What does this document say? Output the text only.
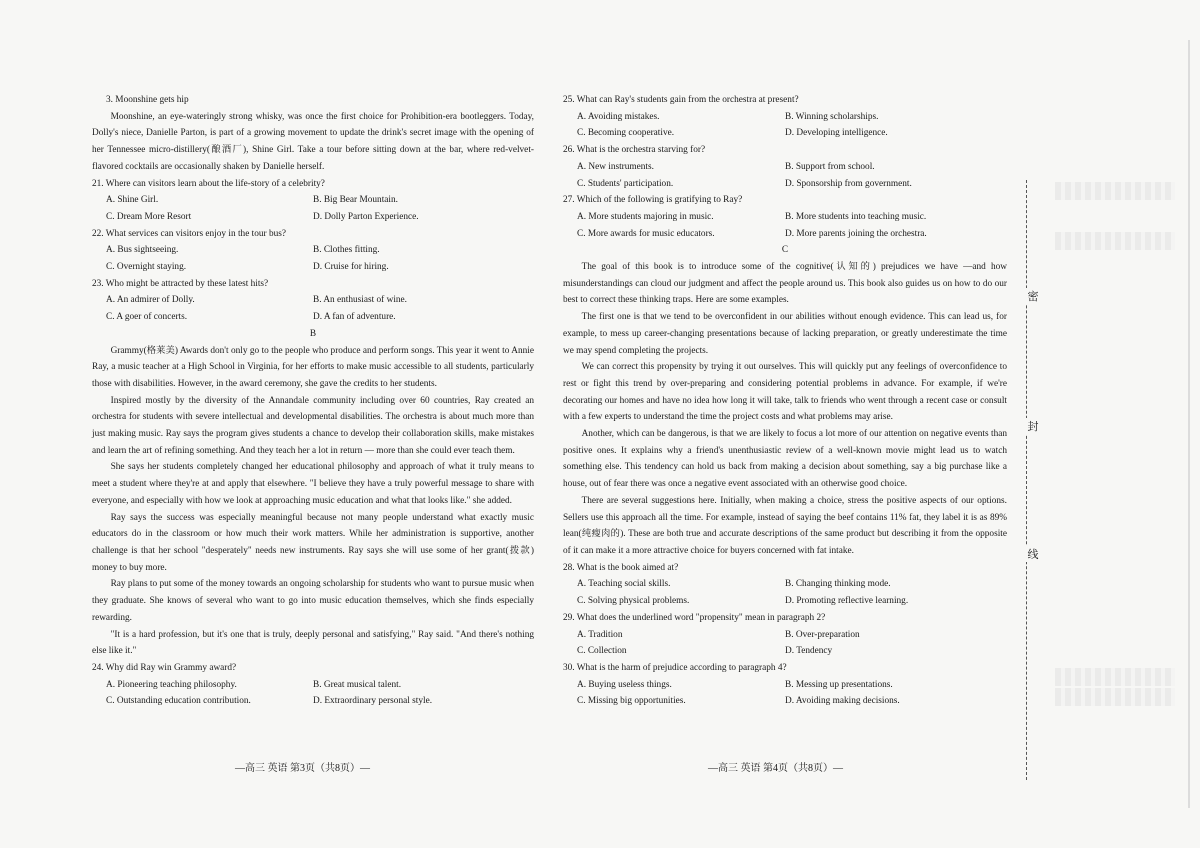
3. Moonshine gets hip

Moonshine, an eye-wateringly strong whisky, was once the first choice for Prohibition-era bootleggers. Today, Dolly's niece, Danielle Parton, is part of a growing movement to update the drink's secret image with the opening of her Tennessee micro-distillery(酿酒厂), Shine Girl. Take a tour before sitting down at the bar, where red-velvet-flavored cocktails are occasionally shaken by Danielle herself.

21. Where can visitors learn about the life-story of a celebrity?

A. Shine Girl.	B. Big Bear Mountain.
C. Dream More Resort	D. Dolly Parton Experience.

22. What services can visitors enjoy in the tour bus?

A. Bus sightseeing.	B. Clothes fitting.
C. Overnight staying.	D. Cruise for hiring.

23. Who might be attracted by these latest hits?

A. An admirer of Dolly.	B. An enthusiast of wine.
C. A goer of concerts.	D. A fan of adventure.

B

Grammy(格莱美) Awards don't only go to the people who produce and perform songs. This year it went to Annie Ray, a music teacher at a High School in Virginia, for her efforts to make music accessible to all students, particularly those with disabilities. However, in the award ceremony, she gave the credits to her students.

Inspired mostly by the diversity of the Annandale community including over 60 countries, Ray created an orchestra for students with severe intellectual and developmental disabilities. The orchestra is about much more than just making music. Ray says the program gives students a chance to develop their collaboration skills, make mistakes and learn the art of refining something. And they teach her a lot in return — more than she could ever teach them.

She says her students completely changed her educational philosophy and approach of what it truly means to meet a student where they're at and apply that elsewhere. "I believe they have a truly powerful message to share with everyone, and especially with how we look at approaching music education and what that looks like." she added.

Ray says the success was especially meaningful because not many people understand what exactly music educators do in the classroom or how much their work matters. While her administration is supportive, another challenge is that her school "desperately" needs new instruments. Ray says she will use some of her grant(拨款) money to buy more.

Ray plans to put some of the money towards an ongoing scholarship for students who want to pursue music when they graduate. She knows of several who want to go into music education themselves, which she finds especially rewarding.

"It is a hard profession, but it's one that is truly, deeply personal and satisfying," Ray said. "And there's nothing else like it."

24. Why did Ray win Grammy award?

A. Pioneering teaching philosophy.	B. Great musical talent.
C. Outstanding education contribution.	D. Extraordinary personal style.

25. What can Ray's students gain from the orchestra at present?

A. Avoiding mistakes.	B. Winning scholarships.
C. Becoming cooperative.	D. Developing intelligence.

26. What is the orchestra starving for?

A. New instruments.	B. Support from school.
C. Students' participation.	D. Sponsorship from government.

27. Which of the following is gratifying to Ray?

A. More students majoring in music.	B. More students into teaching music.
C. More awards for music educators.	D. More parents joining the orchestra.

C

The goal of this book is to introduce some of the cognitive(认知的) prejudices we have —and how misunderstandings can cloud our judgment and affect the people around us. This book also guides us on how to do our best to correct these thinking traps. Here are some examples.

The first one is that we tend to be overconfident in our abilities without enough evidence. This can lead us, for example, to mess up career-changing presentations because of lacking preparation, or greatly underestimate the time we may spend completing the projects.

We can correct this propensity by trying it out ourselves. This will quickly put any feelings of overconfidence to rest or fight this trend by over-preparing and considering potential problems in advance. For example, if we're decorating our homes and have no idea how long it will take, talk to friends who went through a recent case or consult with a few experts to understand the time the project costs and what problems may arise.

Another, which can be dangerous, is that we are likely to focus a lot more of our attention on negative events than positive ones. It explains why a friend's unenthusiastic review of a well-known movie might lead us to watch something else. This tendency can hold us back from making a decision about something, say a big purchase like a house, out of fear there was once a negative event associated with an otherwise good choice.

There are several suggestions here. Initially, when making a choice, stress the positive aspects of our options. Sellers use this approach all the time. For example, instead of saying the beef contains 11% fat, they label it is as 89% lean(纯瘦肉的). These are both true and accurate descriptions of the same product but describing it from the opposite of it can make it a more attractive choice for buyers concerned with fat intake.

28. What is the book aimed at?

A. Teaching social skills.	B. Changing thinking mode.
C. Solving physical problems.	D. Promoting reflective learning.

29. What does the underlined word "propensity" mean in paragraph 2?

A. Tradition	B. Over-preparation
C. Collection	D. Tendency

30. What is the harm of prejudice according to paragraph 4?

A. Buying useless things.	B. Messing up presentations.
C. Missing big opportunities.	D. Avoiding making decisions.
—高三 英语 第3页（共8页）—	—高三 英语 第4页（共8页）—
密
封
线
